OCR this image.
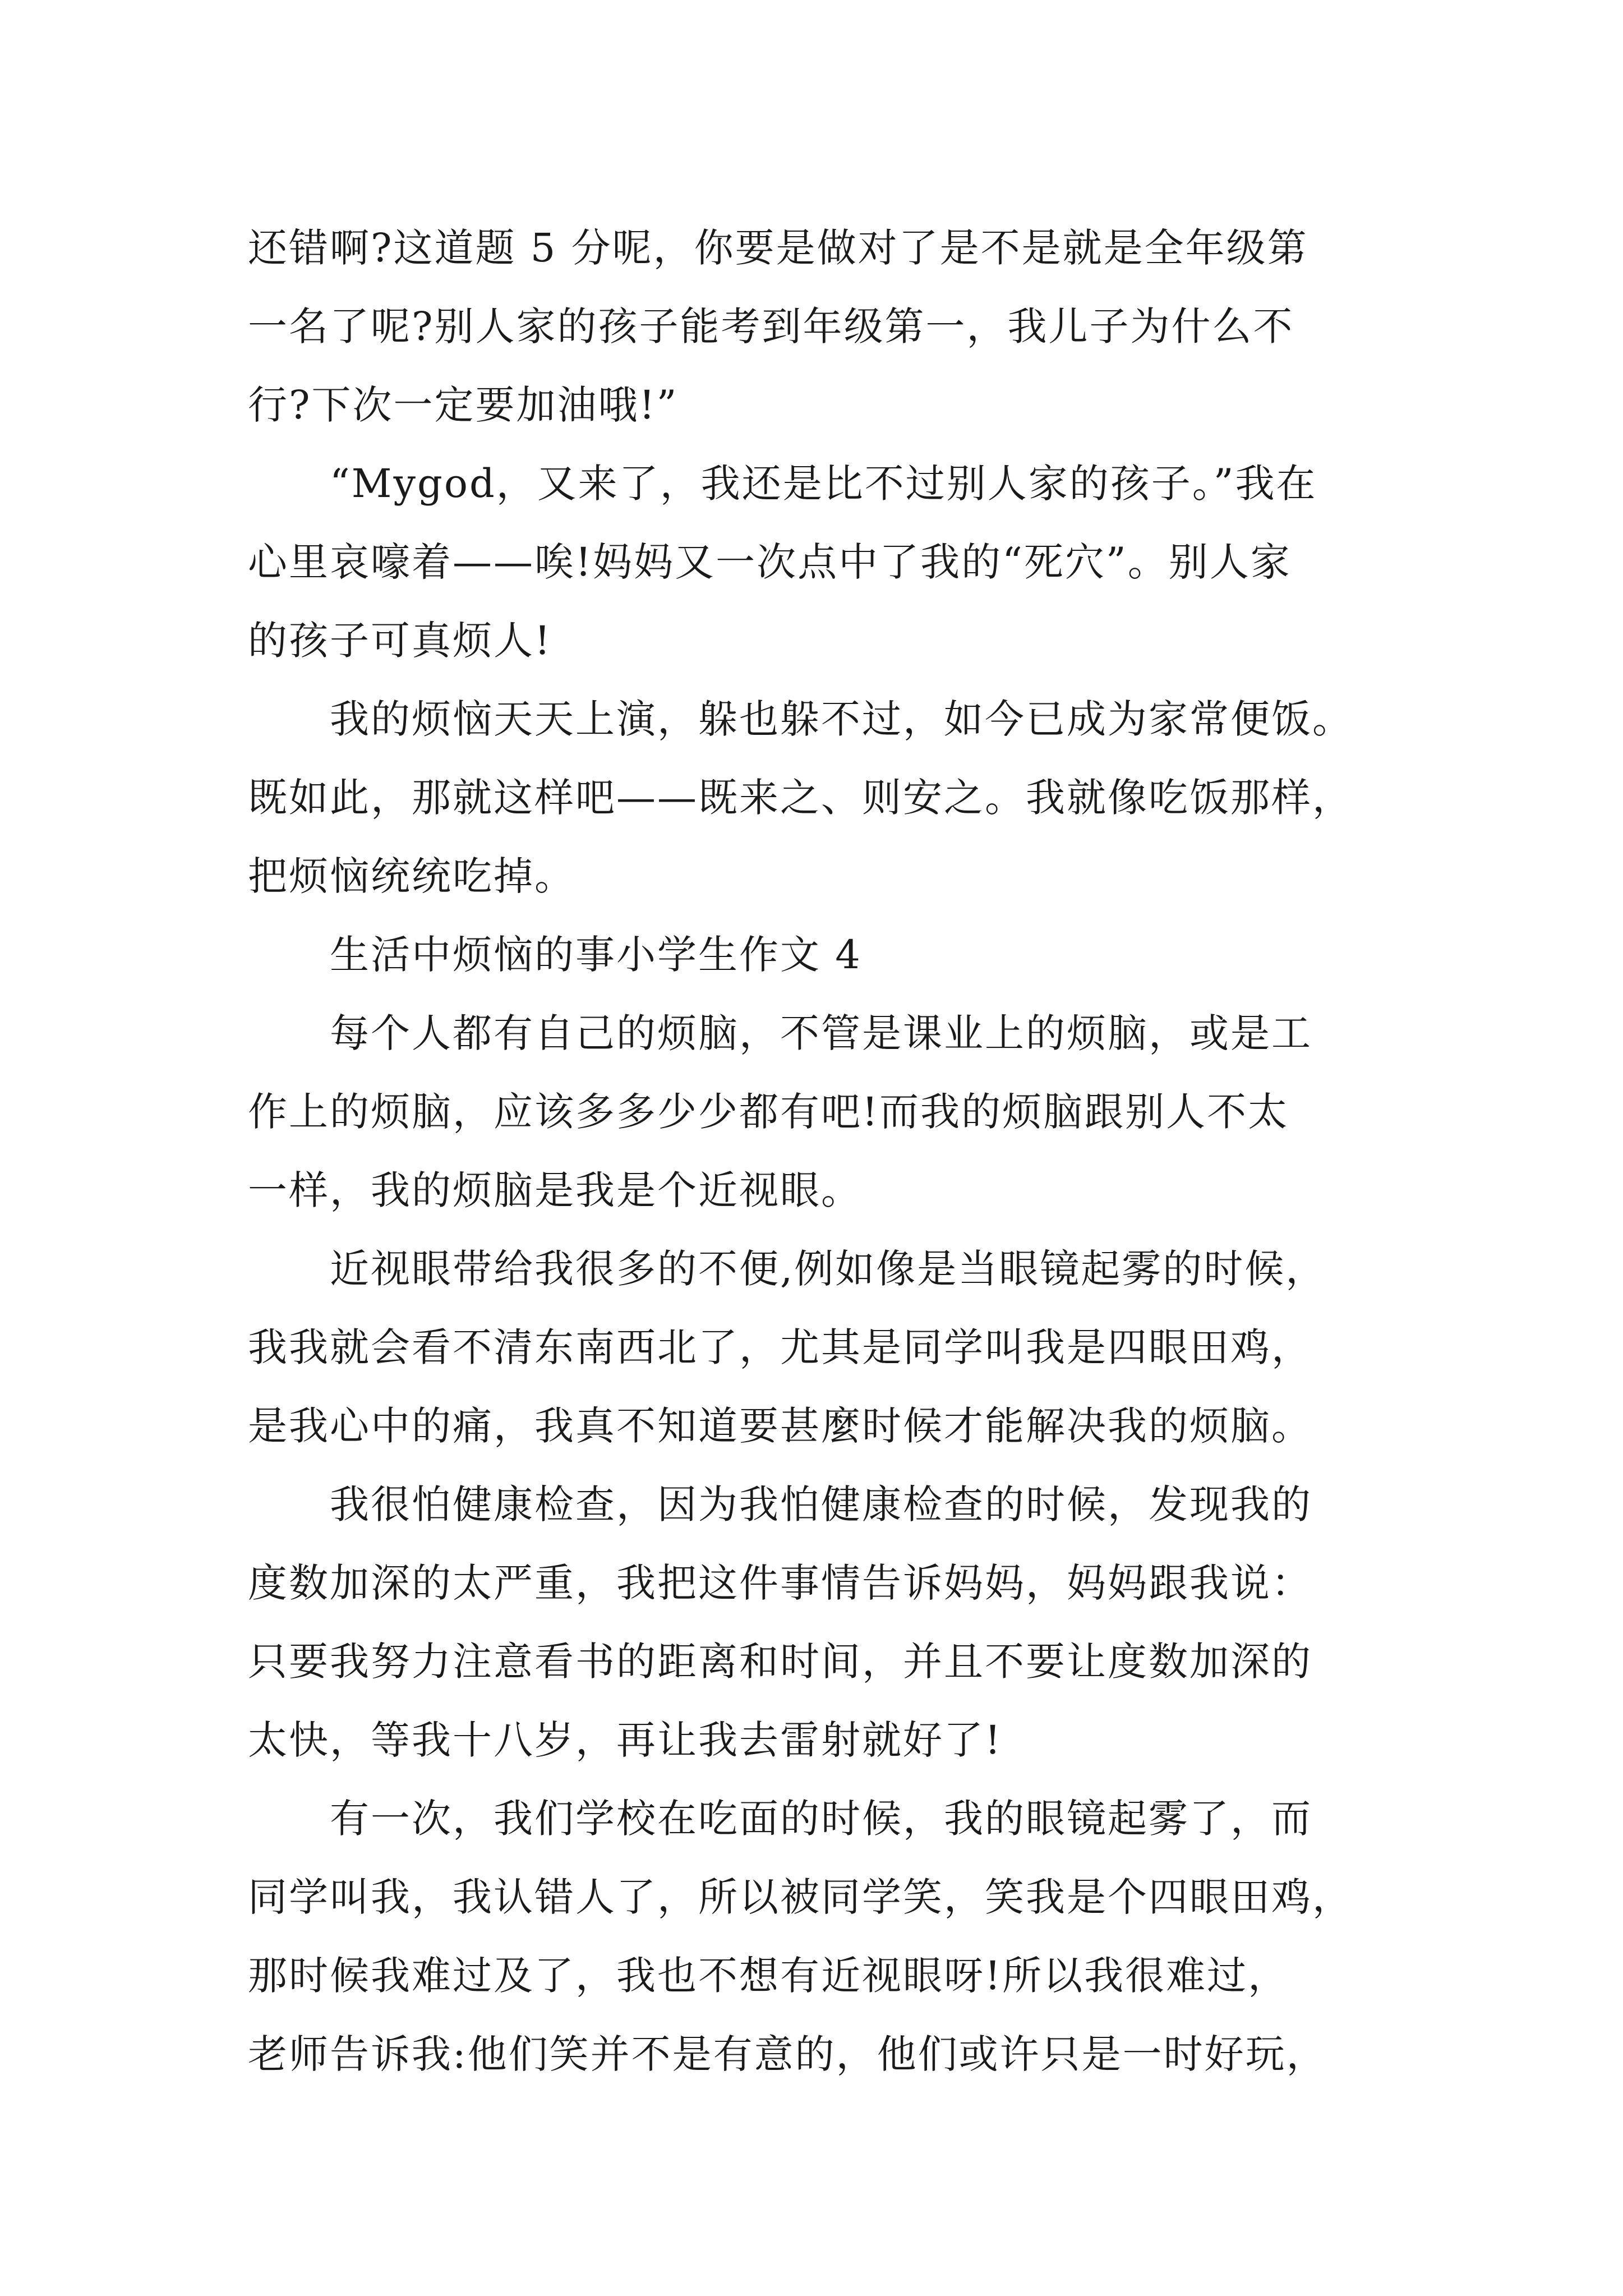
还错啊?这道题 5 分呢，你要是做对了是不是就是全年级第
一名了呢?别人家的孩子能考到年级第一，我儿子为什么不
行?下次一定要加油哦!”

“Mygod，又来了，我还是比不过别人家的孩子。”我在
心里哀嚎着——唉!妈妈又一次点中了我的“死穴”。别人家
的孩子可真烦人!

我的烦恼天天上演，躲也躲不过，如今已成为家常便饭。
既如此，那就这样吧——既来之、则安之。我就像吃饭那样，
把烦恼统统吃掉。

生活中烦恼的事小学生作文 4

每个人都有自己的烦脑，不管是课业上的烦脑，或是工
作上的烦脑，应该多多少少都有吧!而我的烦脑跟别人不太
一样，我的烦脑是我是个近视眼。

近视眼带给我很多的不便,例如像是当眼镜起雾的时候，
我我就会看不清东南西北了，尤其是同学叫我是四眼田鸡，
是我心中的痛，我真不知道要甚麼时候才能解决我的烦脑。

我很怕健康检查，因为我怕健康检查的时候，发现我的
度数加深的太严重，我把这件事情告诉妈妈，妈妈跟我说：
只要我努力注意看书的距离和时间，并且不要让度数加深的
太快，等我十八岁，再让我去雷射就好了!

有一次，我们学校在吃面的时候，我的眼镜起雾了，而
同学叫我，我认错人了，所以被同学笑，笑我是个四眼田鸡，
那时候我难过及了，我也不想有近视眼呀!所以我很难过，
老师告诉我:他们笑并不是有意的，他们或许只是一时好玩，
